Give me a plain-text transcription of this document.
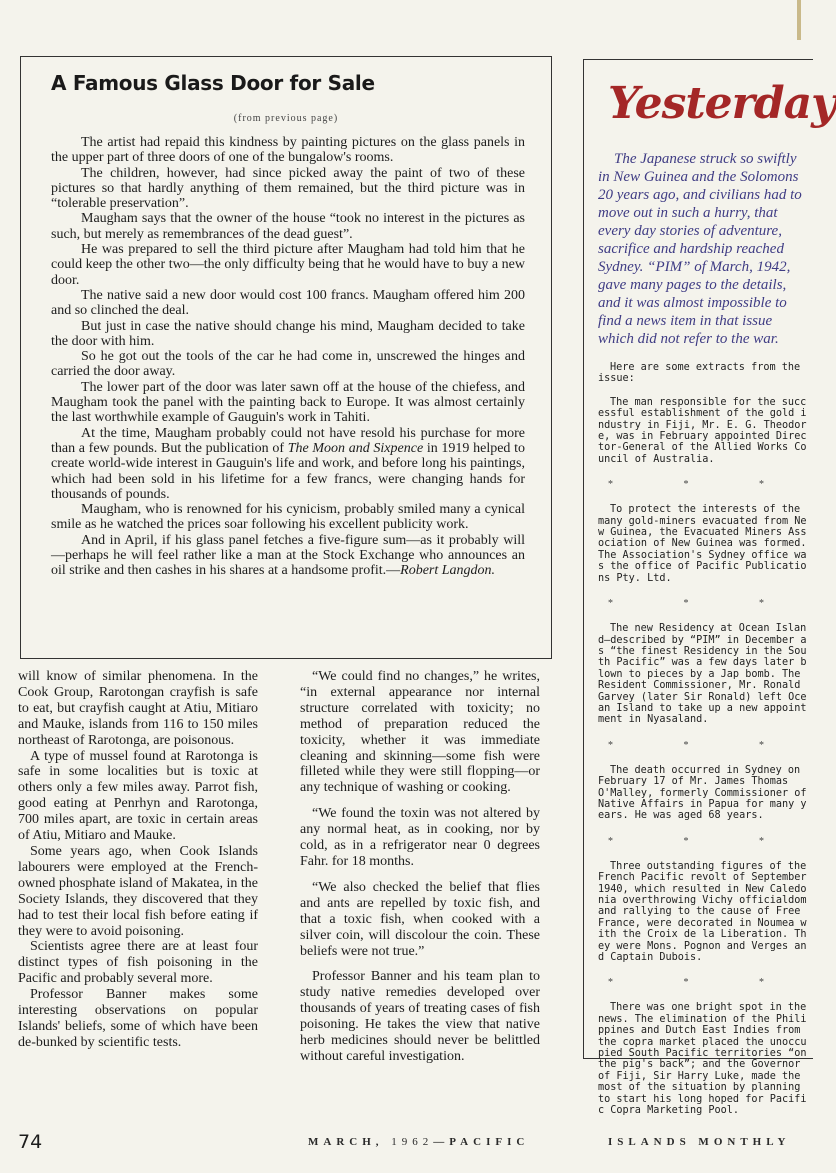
A Famous Glass Door for Sale
(from previous page)

The artist had repaid this kindness by painting pictures on the glass panels in the upper part of three doors of one of the bungalow's rooms.

The children, however, had since picked away the paint of two of these pictures so that hardly anything of them remained, but the third picture was in “tolerable preservation”.

Maugham says that the owner of the house “took no interest in the pictures as such, but merely as remembrances of the dead guest”.

He was prepared to sell the third picture after Maugham had told him that he could keep the other two—the only difficulty being that he would have to buy a new door.

The native said a new door would cost 100 francs. Maugham offered him 200 and so clinched the deal.

But just in case the native should change his mind, Maugham decided to take the door with him.

So he got out the tools of the car he had come in, unscrewed the hinges and carried the door away.

The lower part of the door was later sawn off at the house of the chiefess, and Maugham took the panel with the painting back to Europe. It was almost certainly the last worthwhile example of Gauguin's work in Tahiti.

At the time, Maugham probably could not have resold his purchase for more than a few pounds. But the publication of The Moon and Sixpence in 1919 helped to create world-wide interest in Gauguin's life and work, and before long his paintings, which had been sold in his lifetime for a few francs, were changing hands for thousands of pounds.

Maugham, who is renowned for his cynicism, probably smiled many a cynical smile as he watched the prices soar following his excellent publicity work.

And in April, if his glass panel fetches a five-figure sum—as it probably will—perhaps he will feel rather like a man at the Stock Exchange who announces an oil strike and then cashes in his shares at a handsome profit.—Robert Langdon.

will know of similar phenomena. In the Cook Group, Rarotongan crayfish is safe to eat, but crayfish caught at Atiu, Mitiaro and Mauke, islands from 116 to 150 miles northeast of Rarotonga, are poisonous.

A type of mussel found at Rarotonga is safe in some localities but is toxic at others only a few miles away. Parrot fish, good eating at Penrhyn and Rarotonga, 700 miles apart, are toxic in certain areas of Atiu, Mitiaro and Mauke.

Some years ago, when Cook Islands labourers were employed at the French-owned phosphate island of Makatea, in the Society Islands, they discovered that they had to test their local fish before eating if they were to avoid poisoning.

Scientists agree there are at least four distinct types of fish poisoning in the Pacific and probably several more.

Professor Banner makes some interesting observations on popular Islands' beliefs, some of which have been de-bunked by scientific tests.

“We could find no changes,” he writes, “in external appearance nor internal structure correlated with toxicity; no method of preparation reduced the toxicity, whether it was immediate cleaning and skinning—some fish were filleted while they were still flopping—or any technique of washing or cooking.

“We found the toxin was not altered by any normal heat, as in cooking, nor by cold, as in a refrigerator near 0 degrees Fahr. for 18 months.

“We also checked the belief that flies and ants are repelled by toxic fish, and that a toxic fish, when cooked with a silver coin, will discolour the coin. These beliefs were not true.”

Professor Banner and his team plan to study native remedies developed over thousands of years of treating cases of fish poisoning. He takes the view that native herb medicines should never be belittled without careful investigation.

Yesterday

The Japanese struck so swiftly in New Guinea and the Solomons 20 years ago, and civilians had to move out in such a hurry, that every day stories of adventure, sacrifice and hardship reached Sydney. “PIM” of March, 1942, gave many pages to the details, and it was almost impossible to find a news item in that issue which did not refer to the war.

Here are some extracts from the issue:

The man responsible for the successful establishment of the gold industry in Fiji, Mr. E. G. Theodore, was in February appointed Director-General of the Allied Works Council of Australia.

* * *

To protect the interests of the many gold-miners evacuated from New Guinea, the Evacuated Miners Association of New Guinea was formed. The Association's Sydney office was the office of Pacific Publications Pty. Ltd.

* * *

The new Residency at Ocean Island—described by “PIM” in December as “the finest Residency in the South Pacific” was a few days later blown to pieces by a Jap bomb. The Resident Commissioner, Mr. Ronald Garvey (later Sir Ronald) left Ocean Island to take up a new appointment in Nyasaland.

* * *

The death occurred in Sydney on February 17 of Mr. James Thomas O'Malley, formerly Commissioner of Native Affairs in Papua for many years. He was aged 68 years.

* * *

Three outstanding figures of the French Pacific revolt of September 1940, which resulted in New Caledonia overthrowing Vichy officialdom and rallying to the cause of Free France, were decorated in Noumea with the Croix de la Liberation. They were Mons. Pognon and Verges and Captain Dubois.

* * *

There was one bright spot in the news. The elimination of the Philippines and Dutch East Indies from the copra market placed the unoccupied South Pacific territories “on the pig's back”; and the Governor of Fiji, Sir Harry Luke, made the most of the situation by planning to start his long hoped for Pacific Copra Marketing Pool.

74	MARCH, 1962—PACIFIC	ISLANDS MONTHLY
